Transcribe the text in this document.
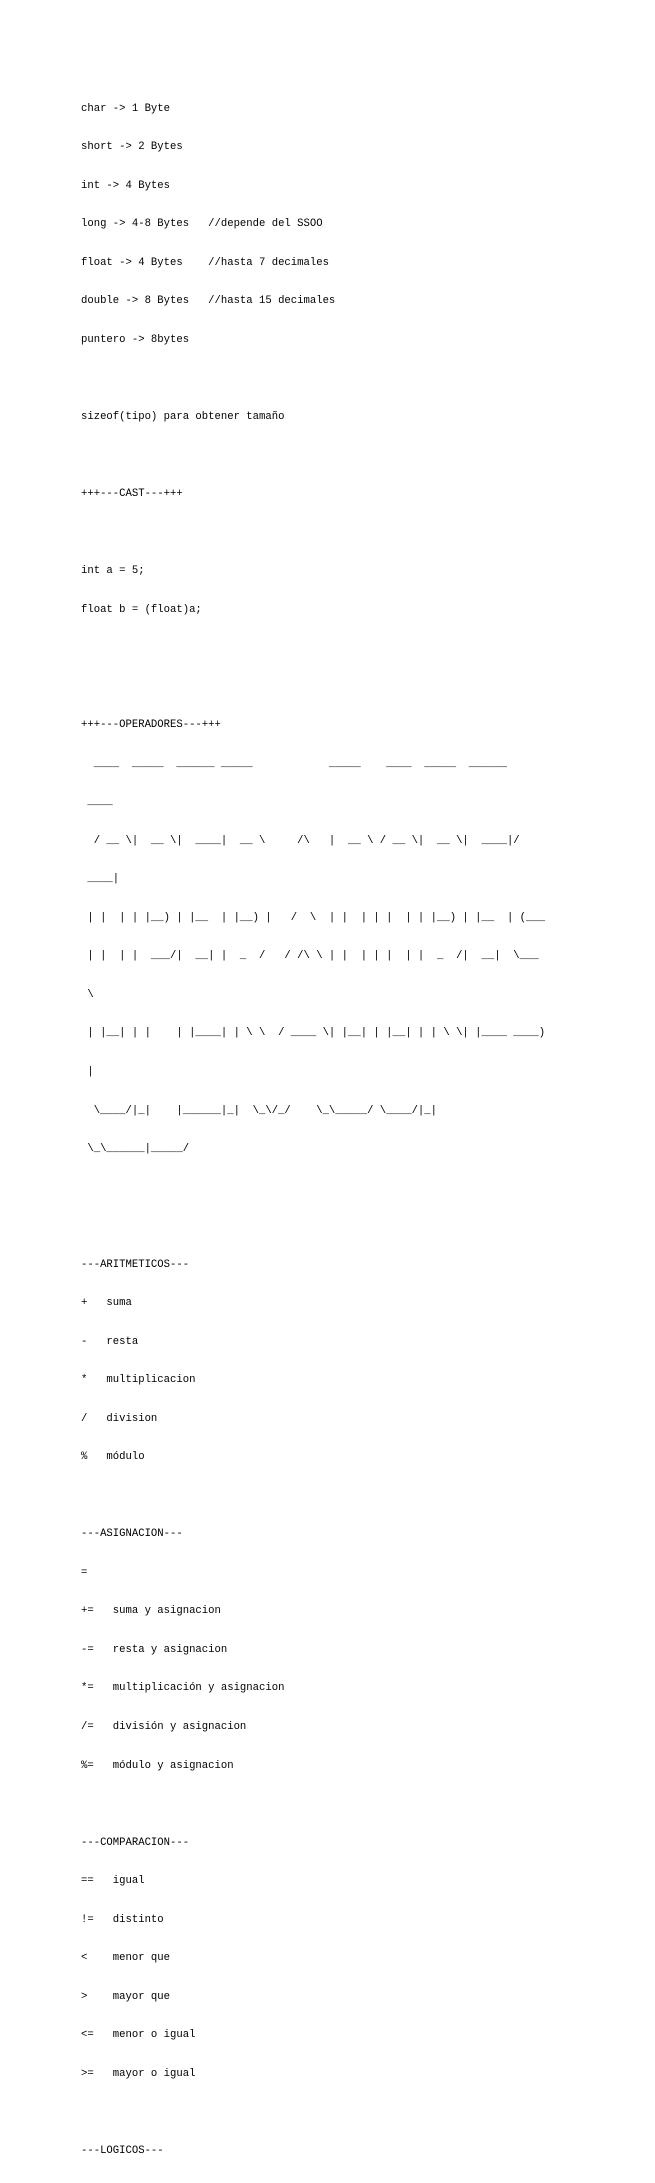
char -> 1 Byte

short -> 2 Bytes

int -> 4 Bytes

long -> 4-8 Bytes   //depende del SSOO

float -> 4 Bytes    //hasta 7 decimales

double -> 8 Bytes   //hasta 15 decimales

puntero -> 8bytes

sizeof(tipo) para obtener tamaño

+++---CAST---+++

int a = 5;

float b = (float)a;

+++---OPERADORES---+++

____  _____  ______ _____            _____    ____  _____  ______

____

/ __ \|  __ \|  ____|  __ \     /\   |  __ \ / __ \|  __ \|  ____|/

____|

| |  | | |__) | |__  | |__) |   /  \  | |  | | |  | | |__) | |__  | (___

| |  | |  ___/|  __| |  _  /   / /\ \ | |  | | |  | |  _  /|  __|  \___

\

| |__| | |    | |____| | \ \  / ____ \| |__| | |__| | | \ \| |____ ____)

|

\____/|_|    |______|_|  \_\/_/    \_\_____/ \____/|_|

\_\______|_____/

---ARITMETICOS---

+   suma

-   resta

*   multiplicacion

/   division

%   módulo

---ASIGNACION---

=

+=   suma y asignacion

-=   resta y asignacion

*=   multiplicación y asignacion

/=   división y asignacion

%=   módulo y asignacion

---COMPARACION---

==   igual

!=   distinto

<    menor que

>    mayor que

<=   menor o igual

>=   mayor o igual

---LOGICOS---
